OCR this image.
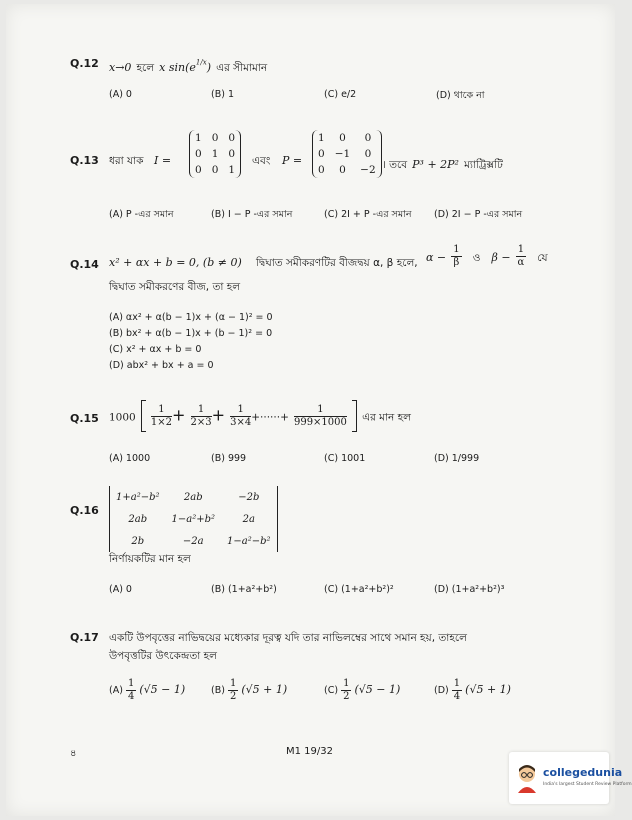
Q.12 x→0 হলে x $\sin(e^{1/x})$ এর সীমামান
(A) 0	(B) 1	(C) e/2	(D) থাকে না
Q.13 ধরা যাক I =
1	0	0
0	1	0
0	0	1
এবং P =
1	0	0
0	−1	0
0	0	−2 । তবে P³ + 2P² ম্যাট্রিক্সটি
(A) P -এর সমান	(B) I − P -এর সমান	(C) 2I + P -এর সমান (D) 2I − P -এর সমান
Q.14 x² + αx + b = 0, (b ≠ 0) দ্বিঘাত সমীকরণটির বীজদ্বয় α, β হলে, $\alpha - \frac{1}{\beta}$ ও $\beta - \frac{1}{\alpha}$ যে
দ্বিঘাত সমীকরণের বীজ, তা হল
(A) αx² + α(b − 1)x + (α − 1)² = 0
(B) bx² + α(b − 1)x + (b − 1)² = 0
(C) x² + αx + b = 0
(D) abx² + bx + a = 0
Q.15 $1000 \frac{1}{1\times 2} + \frac{1}{2\times 3} + \frac{1}{3\times 4}$ +······+ $\frac{1}{999\times 1000}$ এর মান হল
(A) 1000	(B) 999	(C) 1001	(D) 1/999
Q.16
1+a²−b²	2ab	−2b
2ab	1−a²+b²	2a
2b	−2a	1−a²−b²
নির্ণায়কটির মান হল
(A) 0	(B) (1+a²+b²)	(C) (1+a²+b²)²	(D) (1+a²+b²)³
Q.17 একটি উপবৃত্তের নাভিদ্বয়ের মধ্যেকার দূরত্ব যদি তার নাভিলম্বের সাথে সমান হয়, তাহলে
উপবৃত্তটির উৎকেন্দ্রতা হল
$(A) \frac{1}{4} (√5 - 1)$	$(B) \frac{1}{2} (√5 + 1)$	$(C) \frac{1}{2} (√5 - 1)$	$(D) \frac{1}{4} (√5 + 1)$
৪	M1 19/32
collegedunia
India's largest Student Review Platform
